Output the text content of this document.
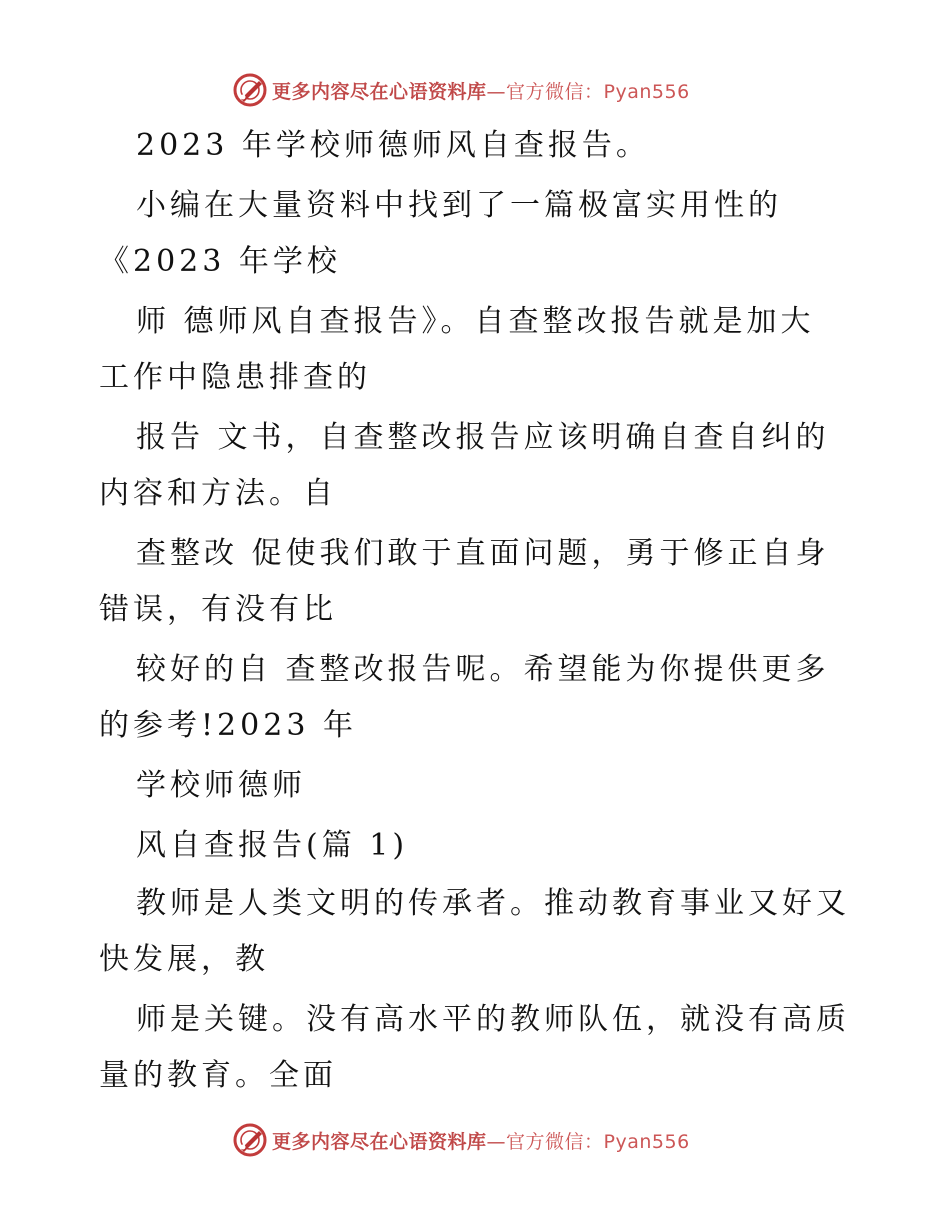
更多内容尽在心语资料库—官方微信：Pyan556

2023 年学校师德师风自查报告。

小编在大量资料中找到了一篇极富实用性的

《2023 年学校

师 德师风自查报告》。自查整改报告就是加大

工作中隐患排查的

报告 文书，自查整改报告应该明确自查自纠的

内容和方法。自

查整改 促使我们敢于直面问题，勇于修正自身

错误，有没有比

较好的自 查整改报告呢。希望能为你提供更多

的参考!2023 年

学校师德师

风自查报告(篇 1)

教师是人类文明的传承者。推动教育事业又好又

快发展，教

师是关键。没有高水平的教师队伍，就没有高质

量的教育。全面

更多内容尽在心语资料库—官方微信：Pyan556
